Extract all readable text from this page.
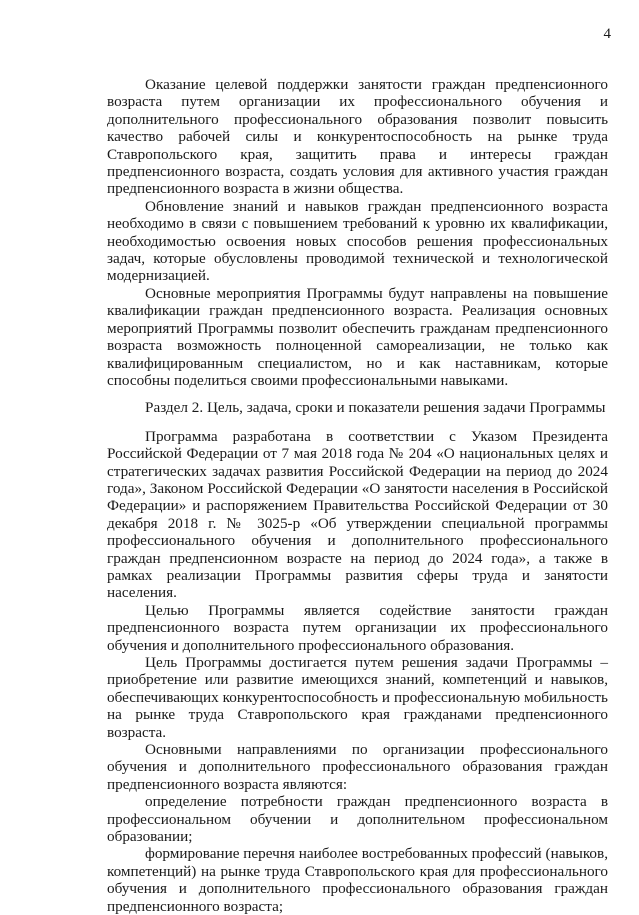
4

Оказание целевой поддержки занятости граждан предпенсионного возраста путем организации их профессионального обучения и дополнительного профессионального образования позволит повысить качество рабочей силы и конкурентоспособность на рынке труда Ставропольского края, защитить права и интересы граждан предпенсионного возраста, создать условия для активного участия граждан предпенсионного возраста в жизни общества.

Обновление знаний и навыков граждан предпенсионного возраста необходимо в связи с повышением требований к уровню их квалификации, необходимостью освоения новых способов решения профессиональных задач, которые обусловлены проводимой технической и технологической модернизацией.

Основные мероприятия Программы будут направлены на повышение квалификации граждан предпенсионного возраста. Реализация основных мероприятий Программы позволит обеспечить гражданам предпенсионного возраста возможность полноценной самореализации, не только как квалифицированным специалистом, но и как наставникам, которые способны поделиться своими профессиональными навыками.

Раздел 2. Цель, задача, сроки и показатели решения задачи Программы

Программа разработана в соответствии с Указом Президента Российской Федерации от 7 мая 2018 года № 204 «О национальных целях и стратегических задачах развития Российской Федерации на период до 2024 года», Законом Российской Федерации «О занятости населения в Российской Федерации» и распоряжением Правительства Российской Федерации от 30 декабря 2018 г. № 3025-р «Об утверждении специальной программы профессионального обучения и дополнительного профессионального граждан предпенсионном возрасте на период до 2024 года», а также в рамках реализации Программы развития сферы труда и занятости населения.

Целью Программы является содействие занятости граждан предпенсионного возраста путем организации их профессионального обучения и дополнительного профессионального образования.

Цель Программы достигается путем решения задачи Программы – приобретение или развитие имеющихся знаний, компетенций и навыков, обеспечивающих конкурентоспособность и профессиональную мобильность на рынке труда Ставропольского края гражданами предпенсионного возраста.

Основными направлениями по организации профессионального обучения и дополнительного профессионального образования граждан предпенсионного возраста являются:

определение потребности граждан предпенсионного возраста в профессиональном обучении и дополнительном профессиональном образовании;

формирование перечня наиболее востребованных профессий (навыков, компетенций) на рынке труда Ставропольского края для профессионального обучения и дополнительного профессионального образования граждан предпенсионного возраста;
